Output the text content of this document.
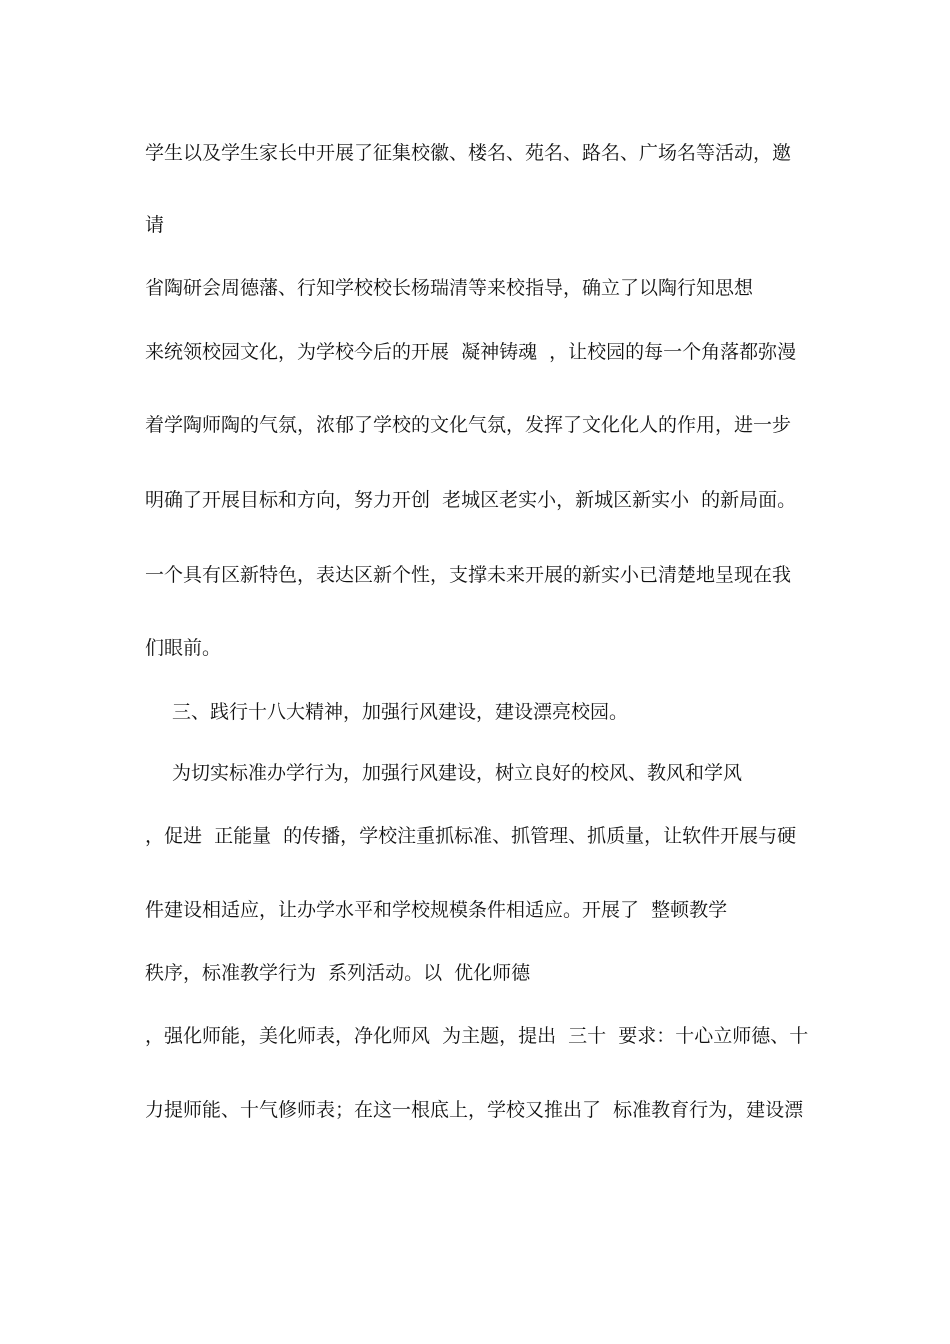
学生以及学生家长中开展了征集校徽、楼名、苑名、路名、广场名等活动，邀
请
省陶研会周德藩、行知学校校长杨瑞清等来校指导，确立了以陶行知思想
来统领校园文化，为学校今后的开展  凝神铸魂  ，让校园的每一个角落都弥漫
着学陶师陶的气氛，浓郁了学校的文化气氛，发挥了文化化人的作用，进一步
明确了开展目标和方向，努力开创  老城区老实小，新城区新实小  的新局面。
一个具有区新特色，表达区新个性，支撑未来开展的新实小已清楚地呈现在我
们眼前。
三、践行十八大精神，加强行风建设，建设漂亮校园。
为切实标准办学行为，加强行风建设，树立良好的校风、教风和学风
，促进  正能量  的传播，学校注重抓标准、抓管理、抓质量，让软件开展与硬
件建设相适应，让办学水平和学校规模条件相适应。开展了  整顿教学
秩序，标准教学行为  系列活动。以  优化师德
，强化师能，美化师表，净化师风  为主题，提出  三十  要求：十心立师德、十
力提师能、十气修师表；在这一根底上，学校又推出了  标准教育行为，建设漂
